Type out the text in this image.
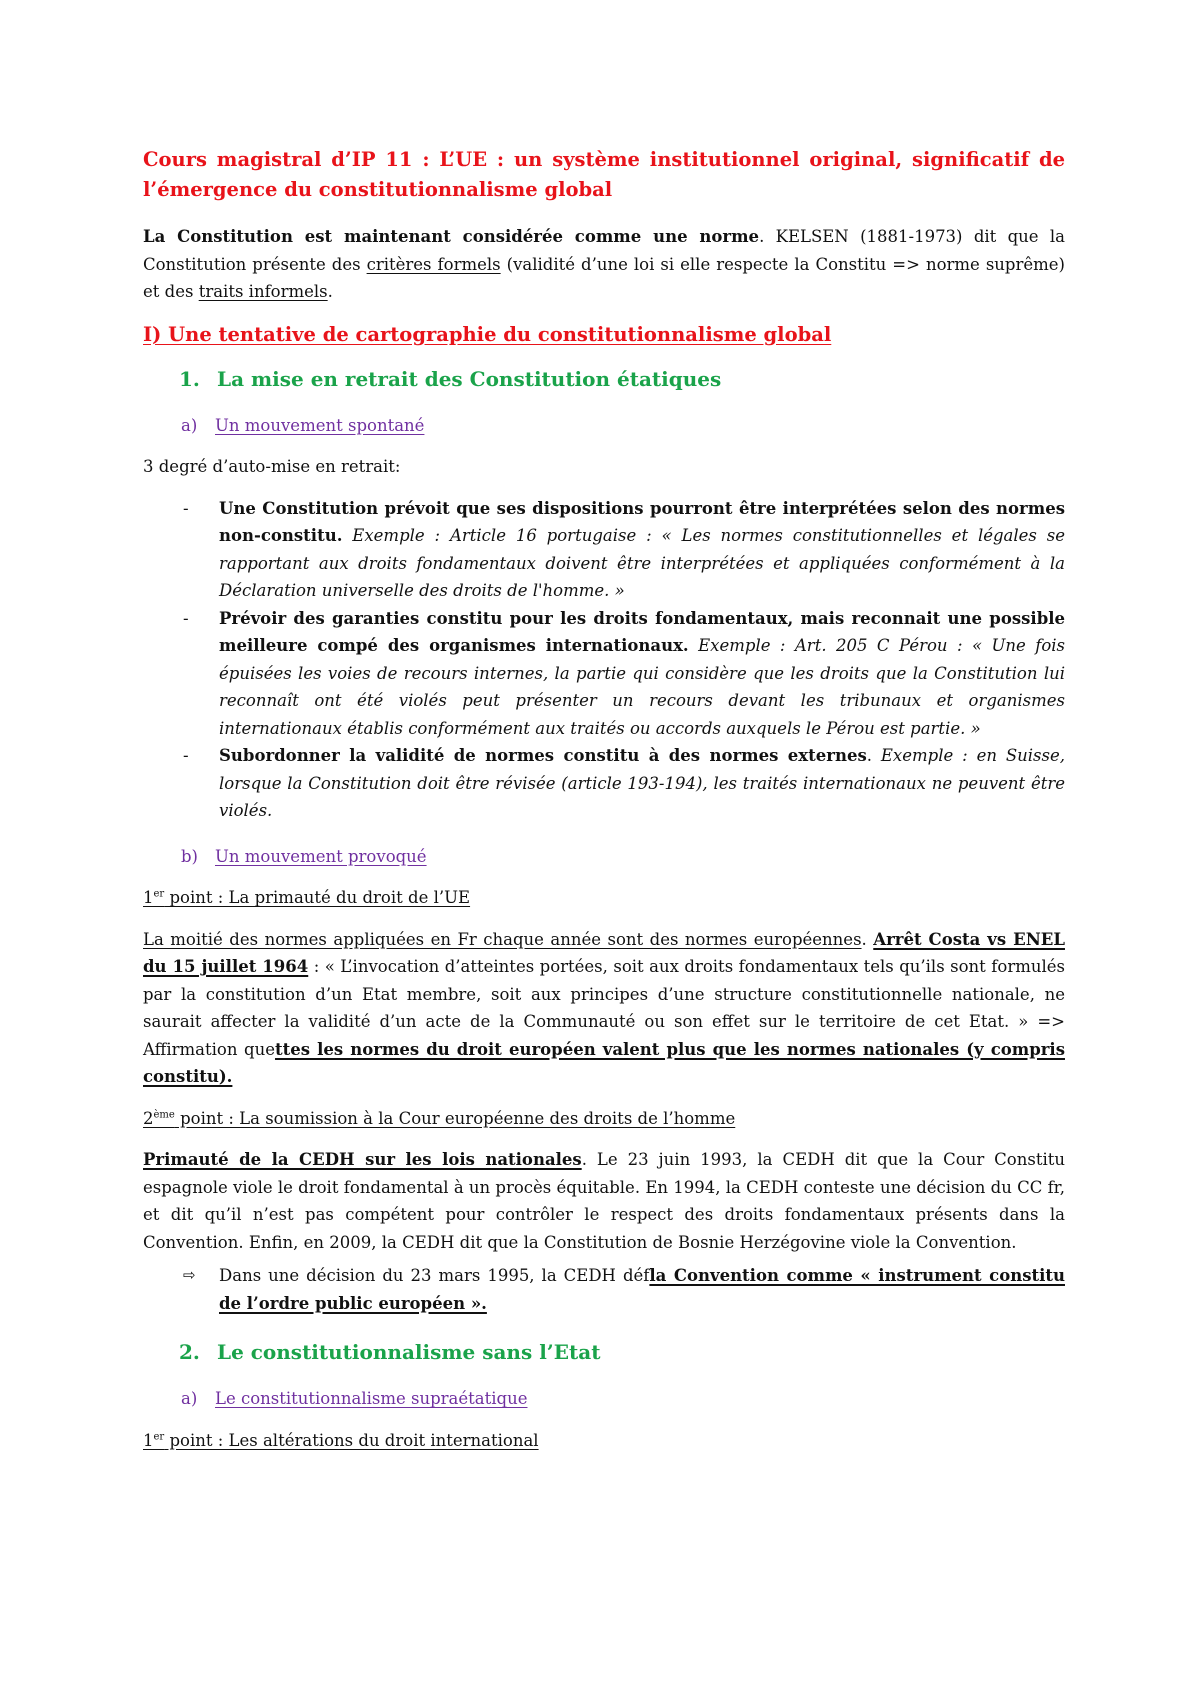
Cours magistral d’IP 11 : L’UE : un système institutionnel original, significatif de l’émergence du constitutionnalisme global

La Constitution est maintenant considérée comme une norme. KELSEN (1881-1973) dit que la Constitution présente des critères formels (validité d’une loi si elle respecte la Constitu => norme suprême) et des traits informels.

I) Une tentative de cartographie du constitutionnalisme global

1. La mise en retrait des Constitution étatiques

a) Un mouvement spontané

3 degré d’auto-mise en retrait:

- Une Constitution prévoit que ses dispositions pourront être interprétées selon des normes non-constitu. Exemple : Article 16 portugaise : « Les normes constitutionnelles et légales se rapportant aux droits fondamentaux doivent être interprétées et appliquées conformément à la Déclaration universelle des droits de l'homme. »
- Prévoir des garanties constitu pour les droits fondamentaux, mais reconnait une possible meilleure compé des organismes internationaux. Exemple : Art. 205 C Pérou : « Une fois épuisées les voies de recours internes, la partie qui considère que les droits que la Constitution lui reconnaît ont été violés peut présenter un recours devant les tribunaux et organismes internationaux établis conformément aux traités ou accords auxquels le Pérou est partie. »
- Subordonner la validité de normes constitu à des normes externes. Exemple : en Suisse, lorsque la Constitution doit être révisée (article 193-194), les traités internationaux ne peuvent être violés.

b) Un mouvement provoqué

1er point : La primauté du droit de l’UE

La moitié des normes appliquées en Fr chaque année sont des normes européennes. Arrêt Costa vs ENEL du 15 juillet 1964 : « L’invocation d’atteintes portées, soit aux droits fondamentaux tels qu’ils sont formulés par la constitution d’un Etat membre, soit aux principes d’une structure constitutionnelle nationale, ne saurait affecter la validité d’un acte de la Communauté ou son effet sur le territoire de cet Etat. » => Affirmation quettes les normes du droit européen valent plus que les normes nationales (y compris constitu).

2ème point : La soumission à la Cour européenne des droits de l’homme

Primauté de la CEDH sur les lois nationales. Le 23 juin 1993, la CEDH dit que la Cour Constitu espagnole viole le droit fondamental à un procès équitable. En 1994, la CEDH conteste une décision du CC fr, et dit qu’il n’est pas compétent pour contrôler le respect des droits fondamentaux présents dans la Convention. Enfin, en 2009, la CEDH dit que la Constitution de Bosnie Herzégovine viole la Convention.

⇨ Dans une décision du 23 mars 1995, la CEDH défla Convention comme « instrument constitu de l’ordre public européen ».

2. Le constitutionnalisme sans l’Etat

a) Le constitutionnalisme supraétatique

1er point : Les altérations du droit international
